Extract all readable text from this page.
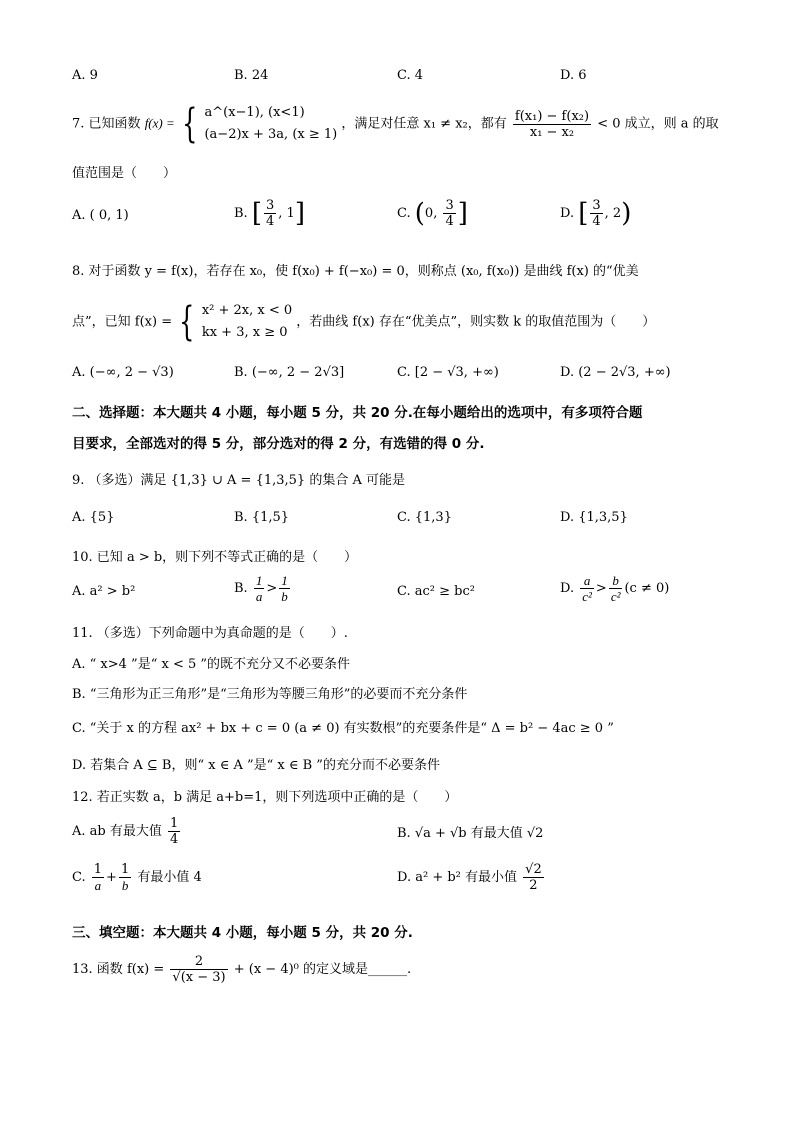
A. 9	B. 24	C. 4	D. 6
7. 已知函数 f(x) = { a^(x−1), (x<1)
(a−2)x + 3a, (x ≥ 1)
，满足对任意 x₁ ≠ x₂，都有 $\frac{\text{f(x₁) − f(x₂)}}{\text{x₁ − x₂}} < 0$ 成立，则 a 的取
值范围是（　　）
A. ( 0, 1)	B. [ $\frac{3}{4}$ , 1]	C. (0, $\frac{3}{4}$ ]	D. [ $\frac{3}{4}$ , 2)
8. 对于函数 y = f(x)，若存在 x₀，使 f(x₀) + f(−x₀) = 0，则称点 (x₀, f(x₀)) 是曲线 f(x) 的“优美
点”，已知 f(x) = { x² + 2x, x < 0
kx + 3, x ≥ 0
，若曲线 f(x) 存在“优美点”，则实数 k 的取值范围为（　　）
A. (−∞, 2 − √3)	B. (−∞, 2 − 2√3]	C. [2 − √3, +∞)	D. (2 − 2√3, +∞)
二、选择题：本大题共 4 小题，每小题 5 分，共 20 分.在每小题给出的选项中，有多项符合题
目要求，全部选对的得 5 分，部分选对的得 2 分，有选错的得 0 分.
9. （多选）满足 {1,3} ∪ A = {1,3,5} 的集合 A 可能是
A. {5}	B. {1,5}	C. {1,3}	D. {1,3,5}
10. 已知 a > b，则下列不等式正确的是（　　）
A. a² > b²	B. $\frac{1}{a} > \frac{1}{b}$	C. ac² ≥ bc²	D. $\frac{a}{\text{c²}} > \frac{b}{\text{c²}} (c \ne 0)$
11. （多选）下列命题中为真命题的是（　　）.
A. “ x>4 ”是“ x < 5 ”的既不充分又不必要条件
B. “三角形为正三角形”是“三角形为等腰三角形”的必要而不充分条件
C. “关于 x 的方程 ax² + bx + c = 0 (a ≠ 0) 有实数根”的充要条件是“ Δ = b² − 4ac ≥ 0 ”
D. 若集合 A ⊆ B，则“ x ∈ A ”是“ x ∈ B ”的充分而不必要条件
12. 若正实数 a，b 满足 a+b=1，则下列选项中正确的是（　　）
A. ab 有最大值 $\frac{1}{4}$	B. √a + √b 有最大值 √2
C. $\frac{1}{a} + \frac{1}{b}$ 有最小值 4	D. a² + b² 有最小值 $\frac{√2}{2}$
三、填空题：本大题共 4 小题，每小题 5 分，共 20 分.
13. 函数 $f(x) = \frac{2}{√(x - 3)} + (x - 4)^0$ 的定义域是______.
